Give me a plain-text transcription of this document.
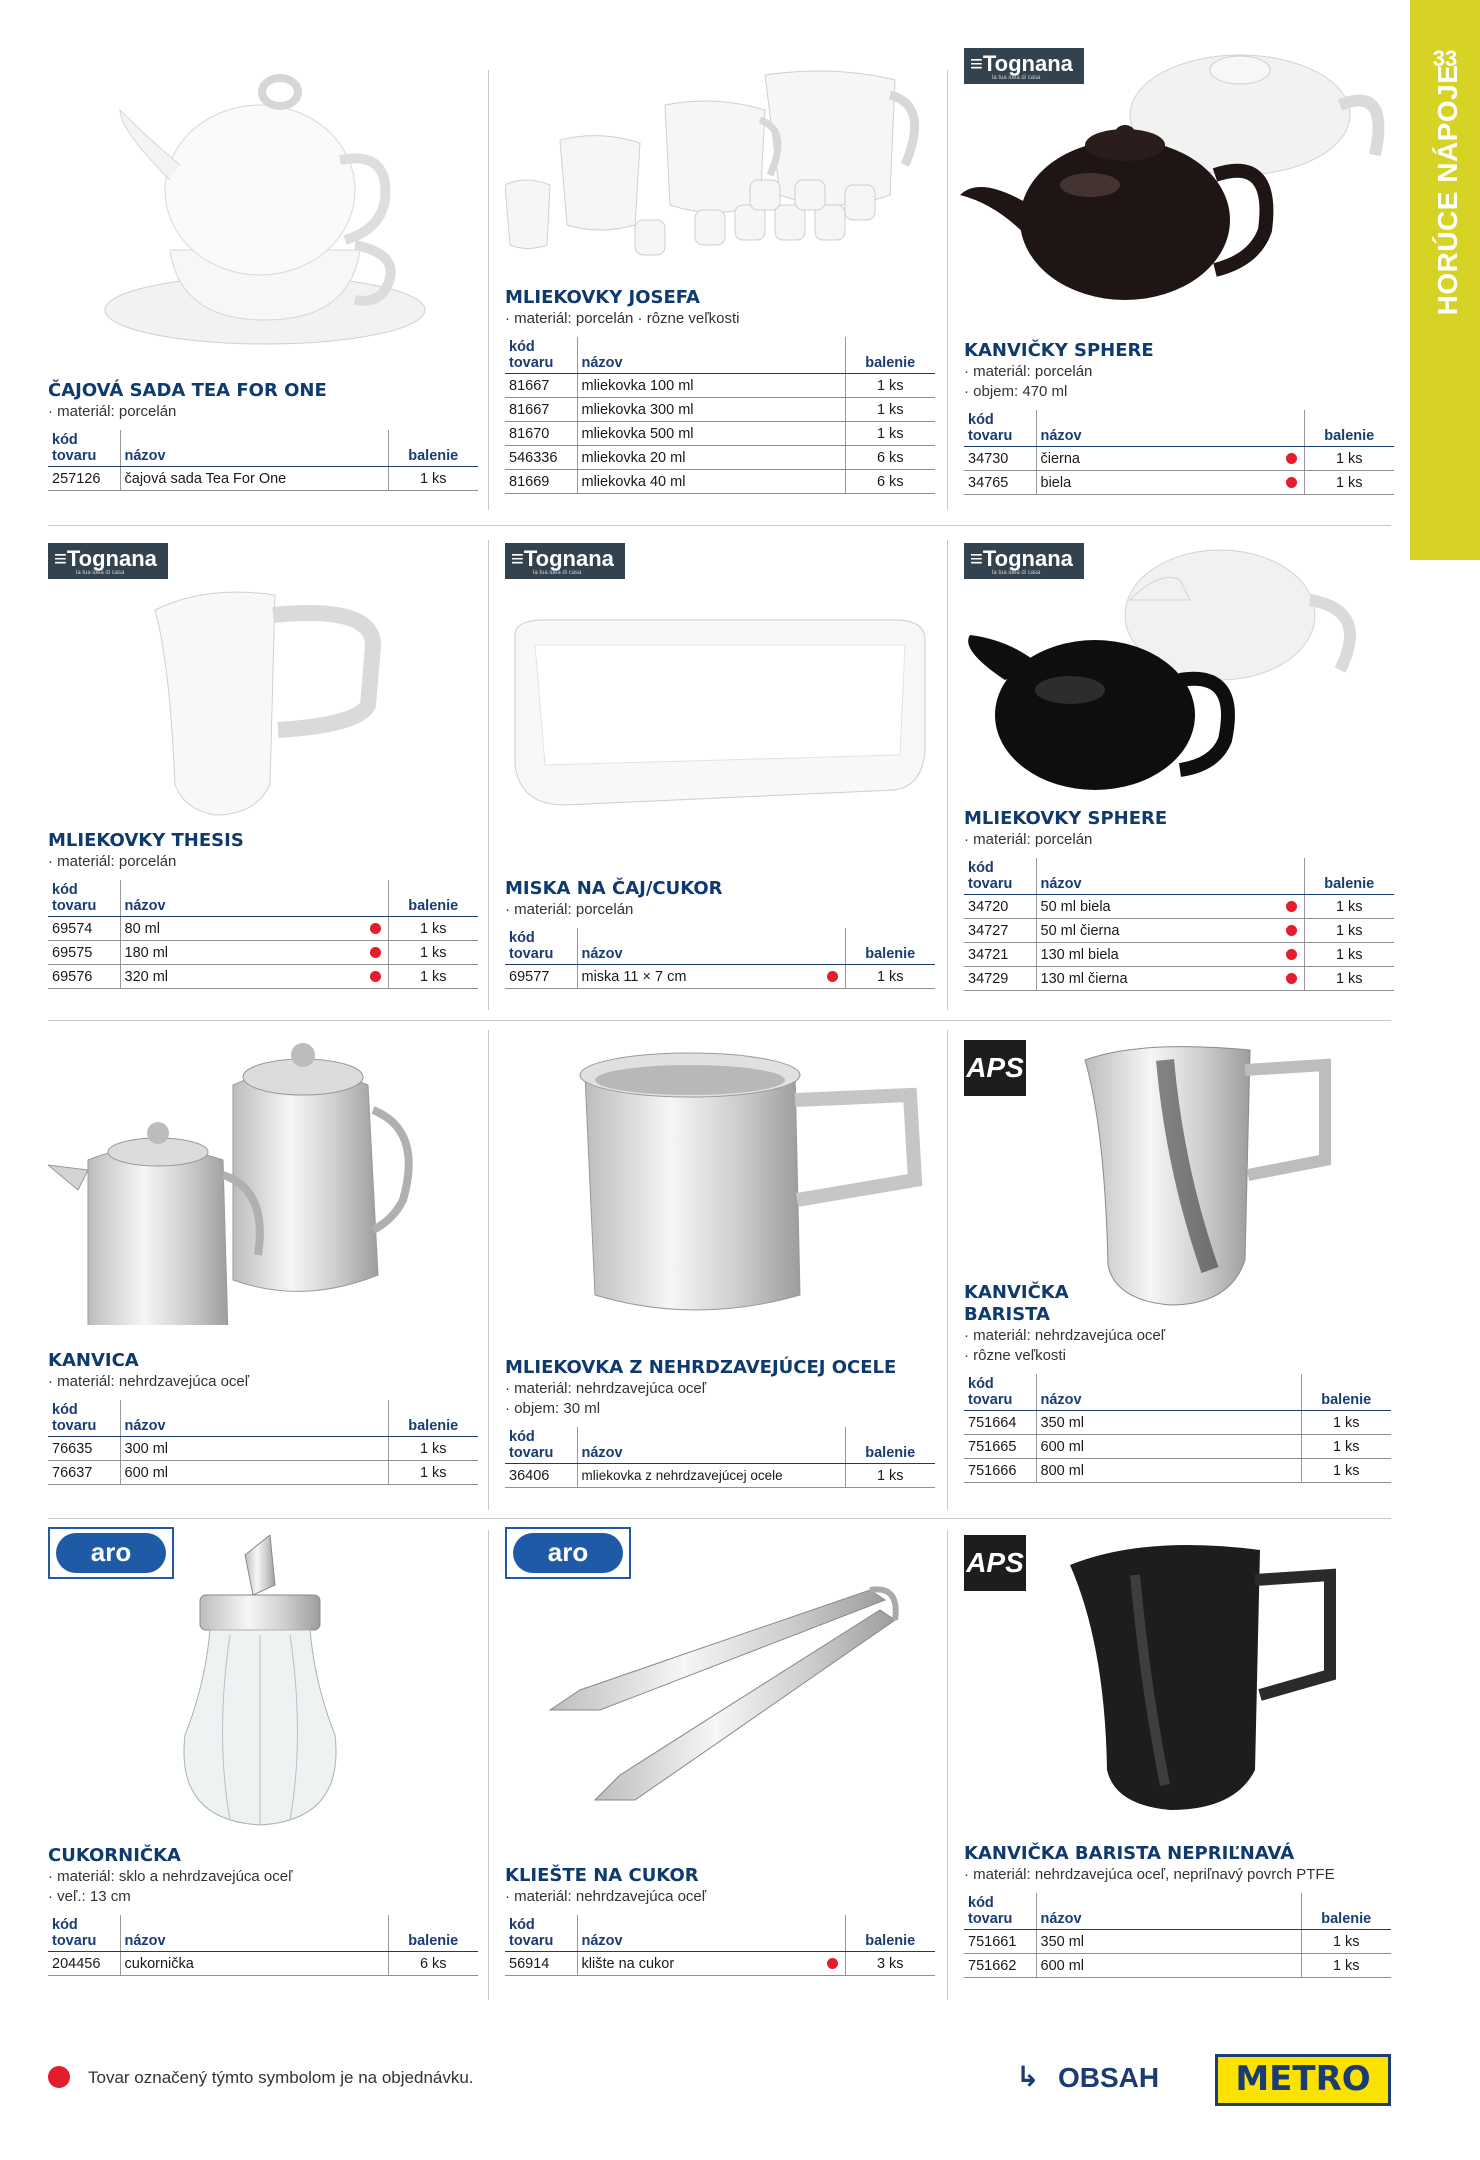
33
HORÚCE NÁPOJE
ČAJOVÁ SADA TEA FOR ONE
· materiál: porcelán
kód
tovaru	názov		balenie
257126	čajová sada Tea For One		1 ks
MLIEKOVKY JOSEFA
· materiál: porcelán · rôzne veľkosti
kód
tovaru	názov		balenie
81667	mliekovka 100 ml		1 ks
81667	mliekovka 300 ml		1 ks
81670	mliekovka 500 ml		1 ks
546336	mliekovka 20 ml		6 ks
81669	mliekovka 40 ml		6 ks
≡Tognana
la tua idea di casa
KANVIČKY SPHERE
· materiál: porcelán
· objem: 470 ml
kód
tovaru	názov		balenie
34730	čierna		1 ks
34765	biela		1 ks
≡Tognana
la tua idea di casa
MLIEKOVKY THESIS
· materiál: porcelán
kód
tovaru	názov		balenie
69574	80 ml		1 ks
69575	180 ml		1 ks
69576	320 ml		1 ks
≡Tognana
la tua idea di casa
MISKA NA ČAJ/CUKOR
· materiál: porcelán
kód
tovaru	názov		balenie
69577	miska 11 × 7 cm		1 ks
≡Tognana
la tua idea di casa
MLIEKOVKY SPHERE
· materiál: porcelán
kód
tovaru	názov		balenie
34720	50 ml biela		1 ks
34727	50 ml čierna		1 ks
34721	130 ml biela		1 ks
34729	130 ml čierna		1 ks
KANVICA
· materiál: nehrdzavejúca oceľ
kód
tovaru	názov		balenie
76635	300 ml		1 ks
76637	600 ml		1 ks
MLIEKOVKA Z NEHRDZAVEJÚCEJ OCELE
· materiál: nehrdzavejúca oceľ
· objem: 30 ml
kód
tovaru	názov		balenie
36406	mliekovka z nehrdzavejúcej ocele		1 ks
APS
KANVIČKA BARISTA
· materiál: nehrdzavejúca oceľ
· rôzne veľkosti
kód
tovaru	názov		balenie
751664	350 ml		1 ks
751665	600 ml		1 ks
751666	800 ml		1 ks
aro
CUKORNIČKA
· materiál: sklo a nehrdzavejúca oceľ
· veľ.: 13 cm
kód
tovaru	názov		balenie
204456	cukornička		6 ks
aro
KLIEŠTE NA CUKOR
· materiál: nehrdzavejúca oceľ
kód
tovaru	názov		balenie
56914	klište na cukor		3 ks
APS
KANVIČKA BARISTA NEPRIĽNAVÁ
· materiál: nehrdzavejúca oceľ, nepriľnavý povrch PTFE
kód
tovaru	názov		balenie
751661	350 ml		1 ks
751662	600 ml		1 ks
Tovar označený týmto symbolom je na objednávku.	↳ OBSAH	METRO
